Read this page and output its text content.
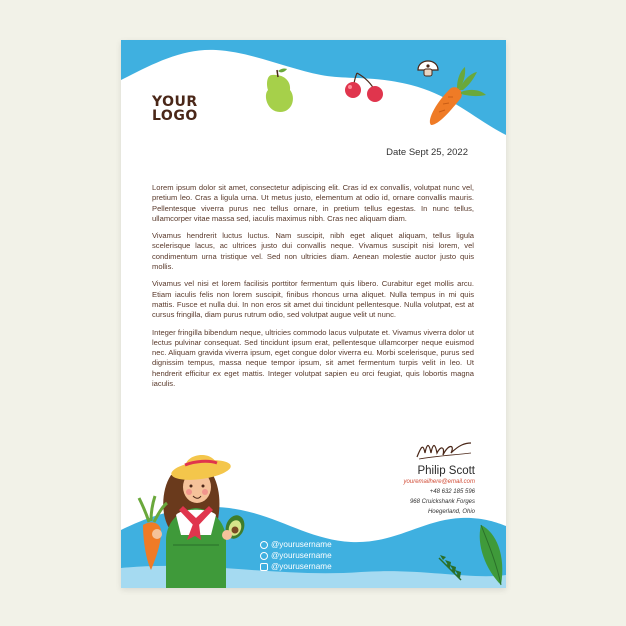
YOUR
LOGO
Date Sept 25, 2022

Lorem ipsum dolor sit amet, consectetur adipiscing elit. Cras id ex convallis, volutpat nunc vel, pretium leo. Cras a ligula urna. Ut metus justo, elementum at odio id, ornare convallis mauris. Pellentesque viverra purus nec tellus ornare, in pretium tellus egestas. In nunc tellus, ullamcorper vitae massa sed, iaculis maximus nibh. Cras nec aliquam diam.

Vivamus hendrerit luctus luctus. Nam suscipit, nibh eget aliquet aliquam, tellus ligula scelerisque lacus, ac ultrices justo dui convallis neque. Vivamus suscipit nisi lorem, vel condimentum urna tristique vel. Sed non ultricies diam. Aenean molestie auctor justo quis mollis.

Vivamus vel nisi et lorem facilisis porttitor fermentum quis libero. Curabitur eget mollis arcu. Etiam iaculis felis non lorem suscipit, finibus rhoncus urna aliquet. Nulla tempus in mi quis mattis. Fusce et nulla dui. In non eros sit amet dui tincidunt pellentesque. Nulla volutpat, est at cursus fringilla, diam purus rutrum odio, sed volutpat augue velit ut nunc.

Integer fringilla bibendum neque, ultricies commodo lacus vulputate et. Vivamus viverra dolor ut lectus pulvinar consequat. Sed tincidunt ipsum erat, pellentesque ullamcorper neque euismod nec. Aliquam gravida viverra ipsum, eget congue dolor viverra eu. Morbi scelerisque, purus sed dignissim tempus, massa neque tempor ipsum, sit amet fermentum turpis velit in leo. Ut hendrerit efficitur ex eget mattis. Integer volutpat sapien eu orci feugiat, quis lobortis magna iaculis.

Philip Scott
youremailhere@email.com
+48 632 185 596
968 Cruickshank Forges
Hoegerland, Ohio
@yourusername
@yourusername
@yourusername
